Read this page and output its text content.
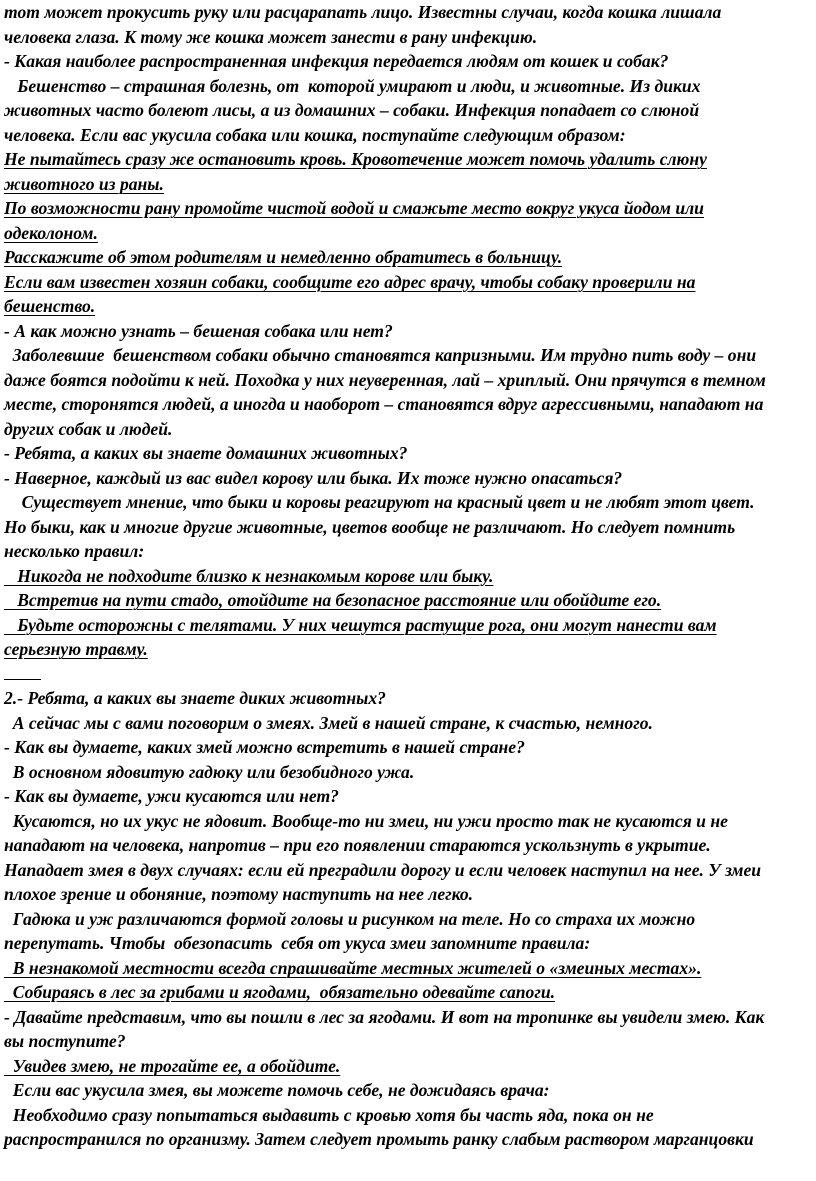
тот может прокусить руку или расцарапать лицо. Известны случаи, когда кошка лишала
человека глаза. К тому же кошка может занести в рану инфекцию.
- Какая наиболее распространенная инфекция передается людям от кошек и собак?
Бешенство – страшная болезнь, от  которой умирают и люди, и животные. Из диких
животных часто болеют лисы, а из домашних – собаки. Инфекция попадает со слюной
человека. Если вас укусила собака или кошка, поступайте следующим образом:
Не пытайтесь сразу же остановить кровь. Кровотечение может помочь удалить слюну
животного из раны.
По возможности рану промойте чистой водой и смажьте место вокруг укуса йодом или
одеколоном.
Расскажите об этом родителям и немедленно обратитесь в больницу.
Если вам известен хозяин собаки, сообщите его адрес врачу, чтобы собаку проверили на
бешенство.
- А как можно узнать – бешеная собака или нет?
Заболевшие  бешенством собаки обычно становятся капризными. Им трудно пить воду – они
даже боятся подойти к ней. Походка у них неуверенная, лай – хриплый. Они прячутся в темном
месте, сторонятся людей, а иногда и наоборот – становятся вдруг агрессивными, нападают на
других собак и людей.
- Ребята, а каких вы знаете домашних животных?
- Наверное, каждый из вас видел корову или быка. Их тоже нужно опасаться?
Существует мнение, что быки и коровы реагируют на красный цвет и не любят этот цвет.
Но быки, как и многие другие животные, цветов вообще не различают. Но следует помнить
несколько правил:
Никогда не подходите близко к незнакомым корове или быку.
Встретив на пути стадо, отойдите на безопасное расстояние или обойдите его.
Будьте осторожны с телятами. У них чешутся растущие рога, они могут нанести вам
серьезную травму.
2.- Ребята, а каких вы знаете диких животных?
А сейчас мы с вами поговорим о змеях. Змей в нашей стране, к счастью, немного.
- Как вы думаете, каких змей можно встретить в нашей стране?
В основном ядовитую гадюку или безобидного ужа.
- Как вы думаете, ужи кусаются или нет?
Кусаются, но их укус не ядовит. Вообще-то ни змеи, ни ужи просто так не кусаются и не
нападают на человека, напротив – при его появлении стараются ускользнуть в укрытие.
Нападает змея в двух случаях: если ей преградили дорогу и если человек наступил на нее. У змеи
плохое зрение и обоняние, поэтому наступить на нее легко.
Гадюка и уж различаются формой головы и рисунком на теле. Но со страха их можно
перепутать. Чтобы  обезопасить  себя от укуса змеи запомните правила:
В незнакомой местности всегда спрашивайте местных жителей о «змеиных местах».
Собираясь в лес за грибами и ягодами,  обязательно одевайте сапоги.
- Давайте представим, что вы пошли в лес за ягодами. И вот на тропинке вы увидели змею. Как
вы поступите?
Увидев змею, не трогайте ее, а обойдите.
Если вас укусила змея, вы можете помочь себе, не дожидаясь врача:
Необходимо сразу попытаться выдавить с кровью хотя бы часть яда, пока он не
распространился по организму. Затем следует промыть ранку слабым раствором марганцовки
